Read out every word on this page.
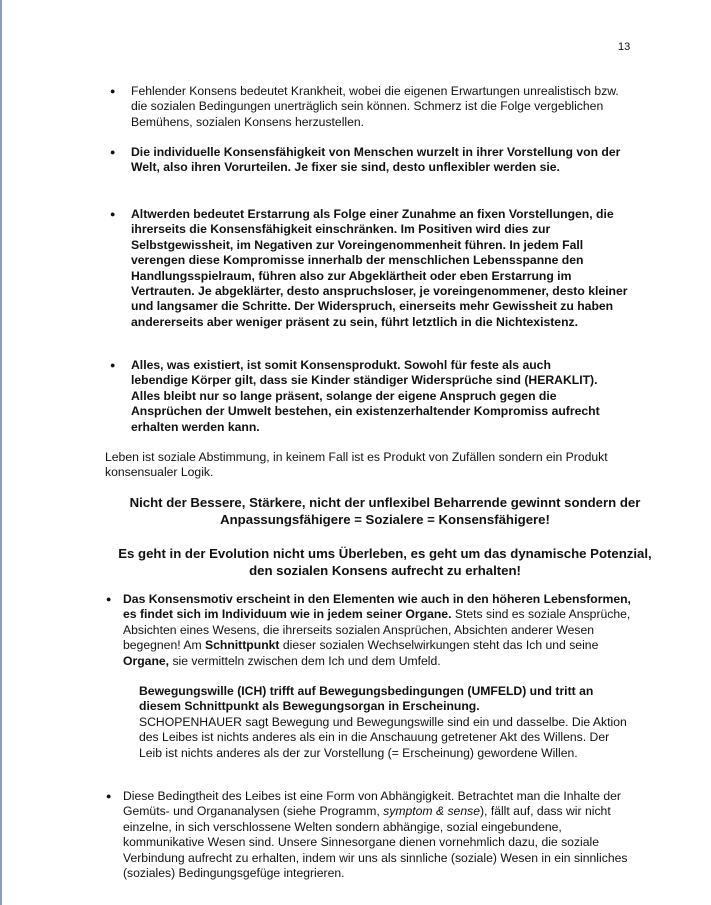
13
● Fehlender Konsens bedeutet Krankheit, wobei die eigenen Erwartungen unrealistisch bzw. die sozialen Bedingungen unerträglich sein können. Schmerz ist die Folge vergeblichen Bemühens, sozialen Konsens herzustellen.
● Die individuelle Konsensfähigkeit von Menschen wurzelt in ihrer Vorstellung von der Welt, also ihren Vorurteilen. Je fixer sie sind, desto unflexibler werden sie.
● Altwerden bedeutet Erstarrung als Folge einer Zunahme an fixen Vorstellungen, die ihrerseits die Konsensfähigkeit einschränken. Im Positiven wird dies zur Selbstgewissheit, im Negativen zur Voreingenommenheit führen. In jedem Fall verengen diese Kompromisse innerhalb der menschlichen Lebensspanne den Handlungsspielraum, führen also zur Abgeklärtheit oder eben Erstarrung im Vertrauten. Je abgeklärter, desto anspruchsloser, je voreingenommener, desto kleiner und langsamer die Schritte. Der Widerspruch, einerseits mehr Gewissheit zu haben andererseits aber weniger präsent zu sein, führt letztlich in die Nichtexistenz.
● Alles, was existiert, ist somit Konsensprodukt. Sowohl für feste als auch lebendige Körper gilt, dass sie Kinder ständiger Widersprüche sind (HERAKLIT). Alles bleibt nur so lange präsent, solange der eigene Anspruch gegen die Ansprüchen der Umwelt bestehen, ein existenzerhaltender Kompromiss aufrecht erhalten werden kann.
Leben ist soziale Abstimmung, in keinem Fall ist es Produkt von Zufällen sondern ein Produkt konsensualer Logik.
Nicht der Bessere, Stärkere, nicht der unflexibel Beharrende gewinnt sondern der Anpassungsfähigere = Sozialere = Konsensfähigere!
Es geht in der Evolution nicht ums Überleben, es geht um das dynamische Potenzial, den sozialen Konsens aufrecht zu erhalten!
● Das Konsensmotiv erscheint in den Elementen wie auch in den höheren Lebensformen, es findet sich im Individuum wie in jedem seiner Organe. Stets sind es soziale Ansprüche, Absichten eines Wesens, die ihrerseits sozialen Ansprüchen, Absichten anderer Wesen begegnen! Am Schnittpunkt dieser sozialen Wechselwirkungen steht das Ich und seine Organe, sie vermitteln zwischen dem Ich und dem Umfeld.
Bewegungswille (ICH) trifft auf Bewegungsbedingungen (UMFELD) und tritt an diesem Schnittpunkt als Bewegungsorgan in Erscheinung.
SCHOPENHAUER sagt Bewegung und Bewegungswille sind ein und dasselbe. Die Aktion des Leibes ist nichts anderes als ein in die Anschauung getretener Akt des Willens. Der Leib ist nichts anderes als der zur Vorstellung (= Erscheinung) gewordene Willen.
● Diese Bedingtheit des Leibes ist eine Form von Abhängigkeit. Betrachtet man die Inhalte der Gemüts- und Organanalysen (siehe Programm, symptom & sense), fällt auf, dass wir nicht einzelne, in sich verschlossene Welten sondern abhängige, sozial eingebundene, kommunikative Wesen sind. Unsere Sinnesorgane dienen vornehmlich dazu, die soziale Verbindung aufrecht zu erhalten, indem wir uns als sinnliche (soziale) Wesen in ein sinnliches (soziales) Bedingungsgefüge integrieren.
